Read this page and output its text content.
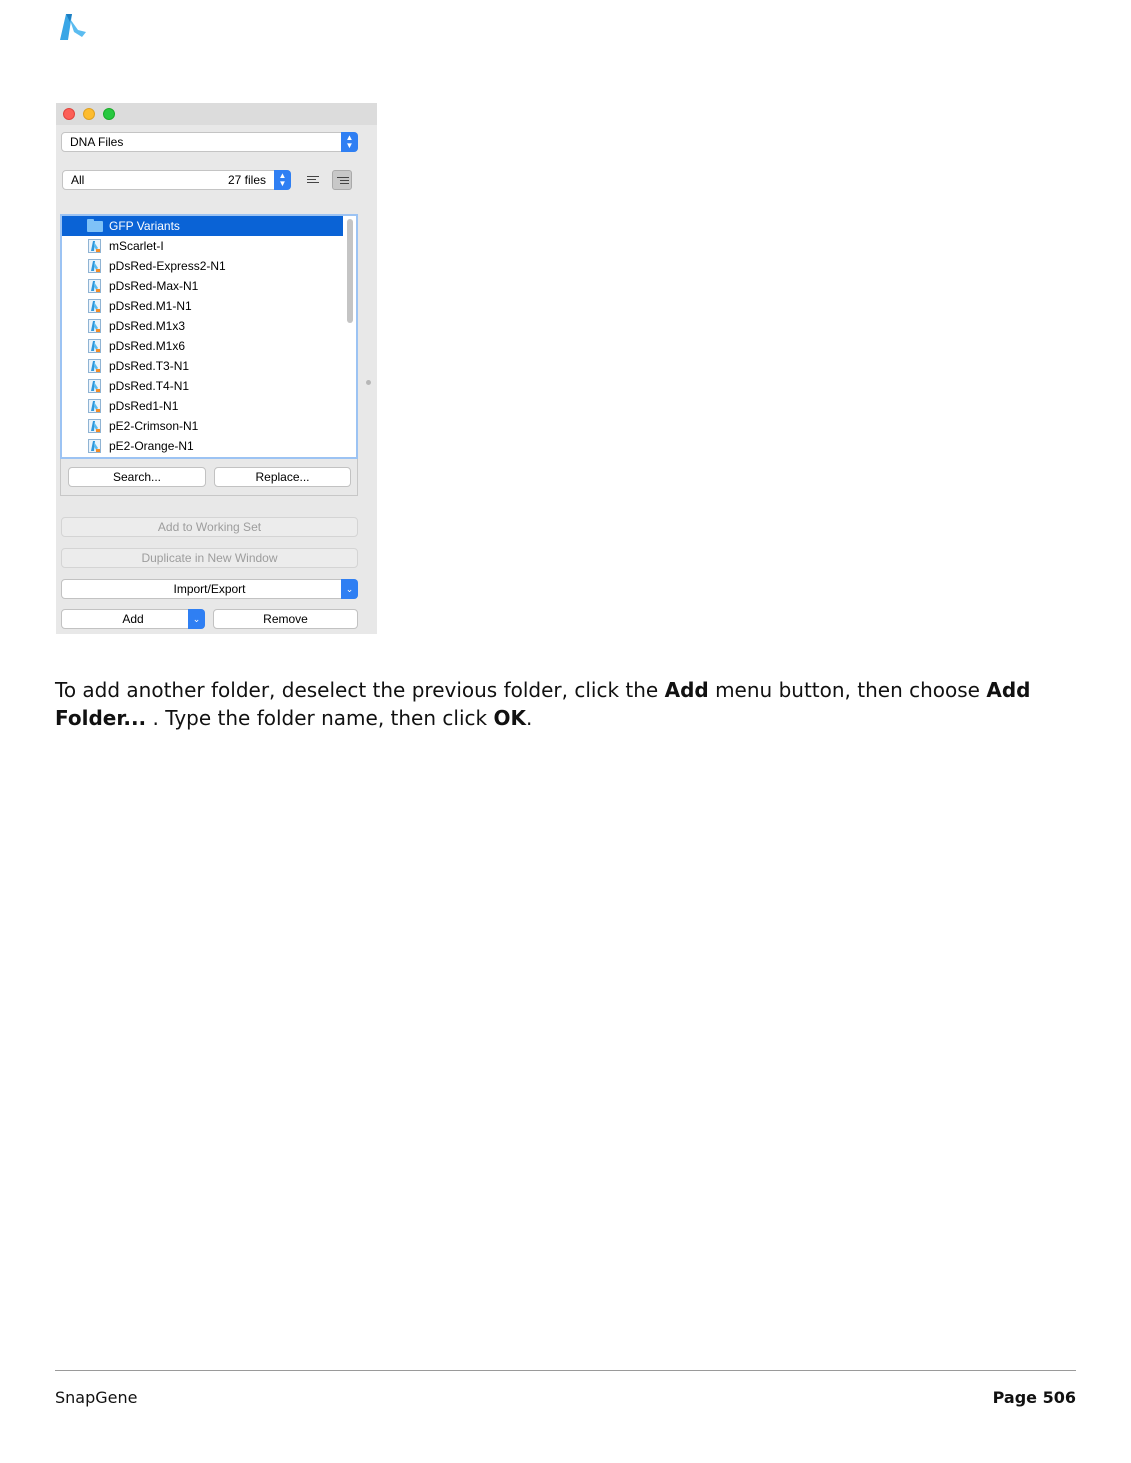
DNA Files	▲
▼
All	27 files	▲
▼
GFP Variants
mScarlet-I
pDsRed-Express2-N1
pDsRed-Max-N1
pDsRed.M1-N1
pDsRed.M1x3
pDsRed.M1x6
pDsRed.T3-N1
pDsRed.T4-N1
pDsRed1-N1
pE2-Crimson-N1
pE2-Orange-N1
Search...	Replace...
Add to Working Set
Duplicate in New Window
Import/Export	⌄
Add	⌄	Remove
To add another folder, deselect the previous folder, click the Add menu button, then choose Add Folder... . Type the folder name, then click OK.
SnapGene	Page 506
